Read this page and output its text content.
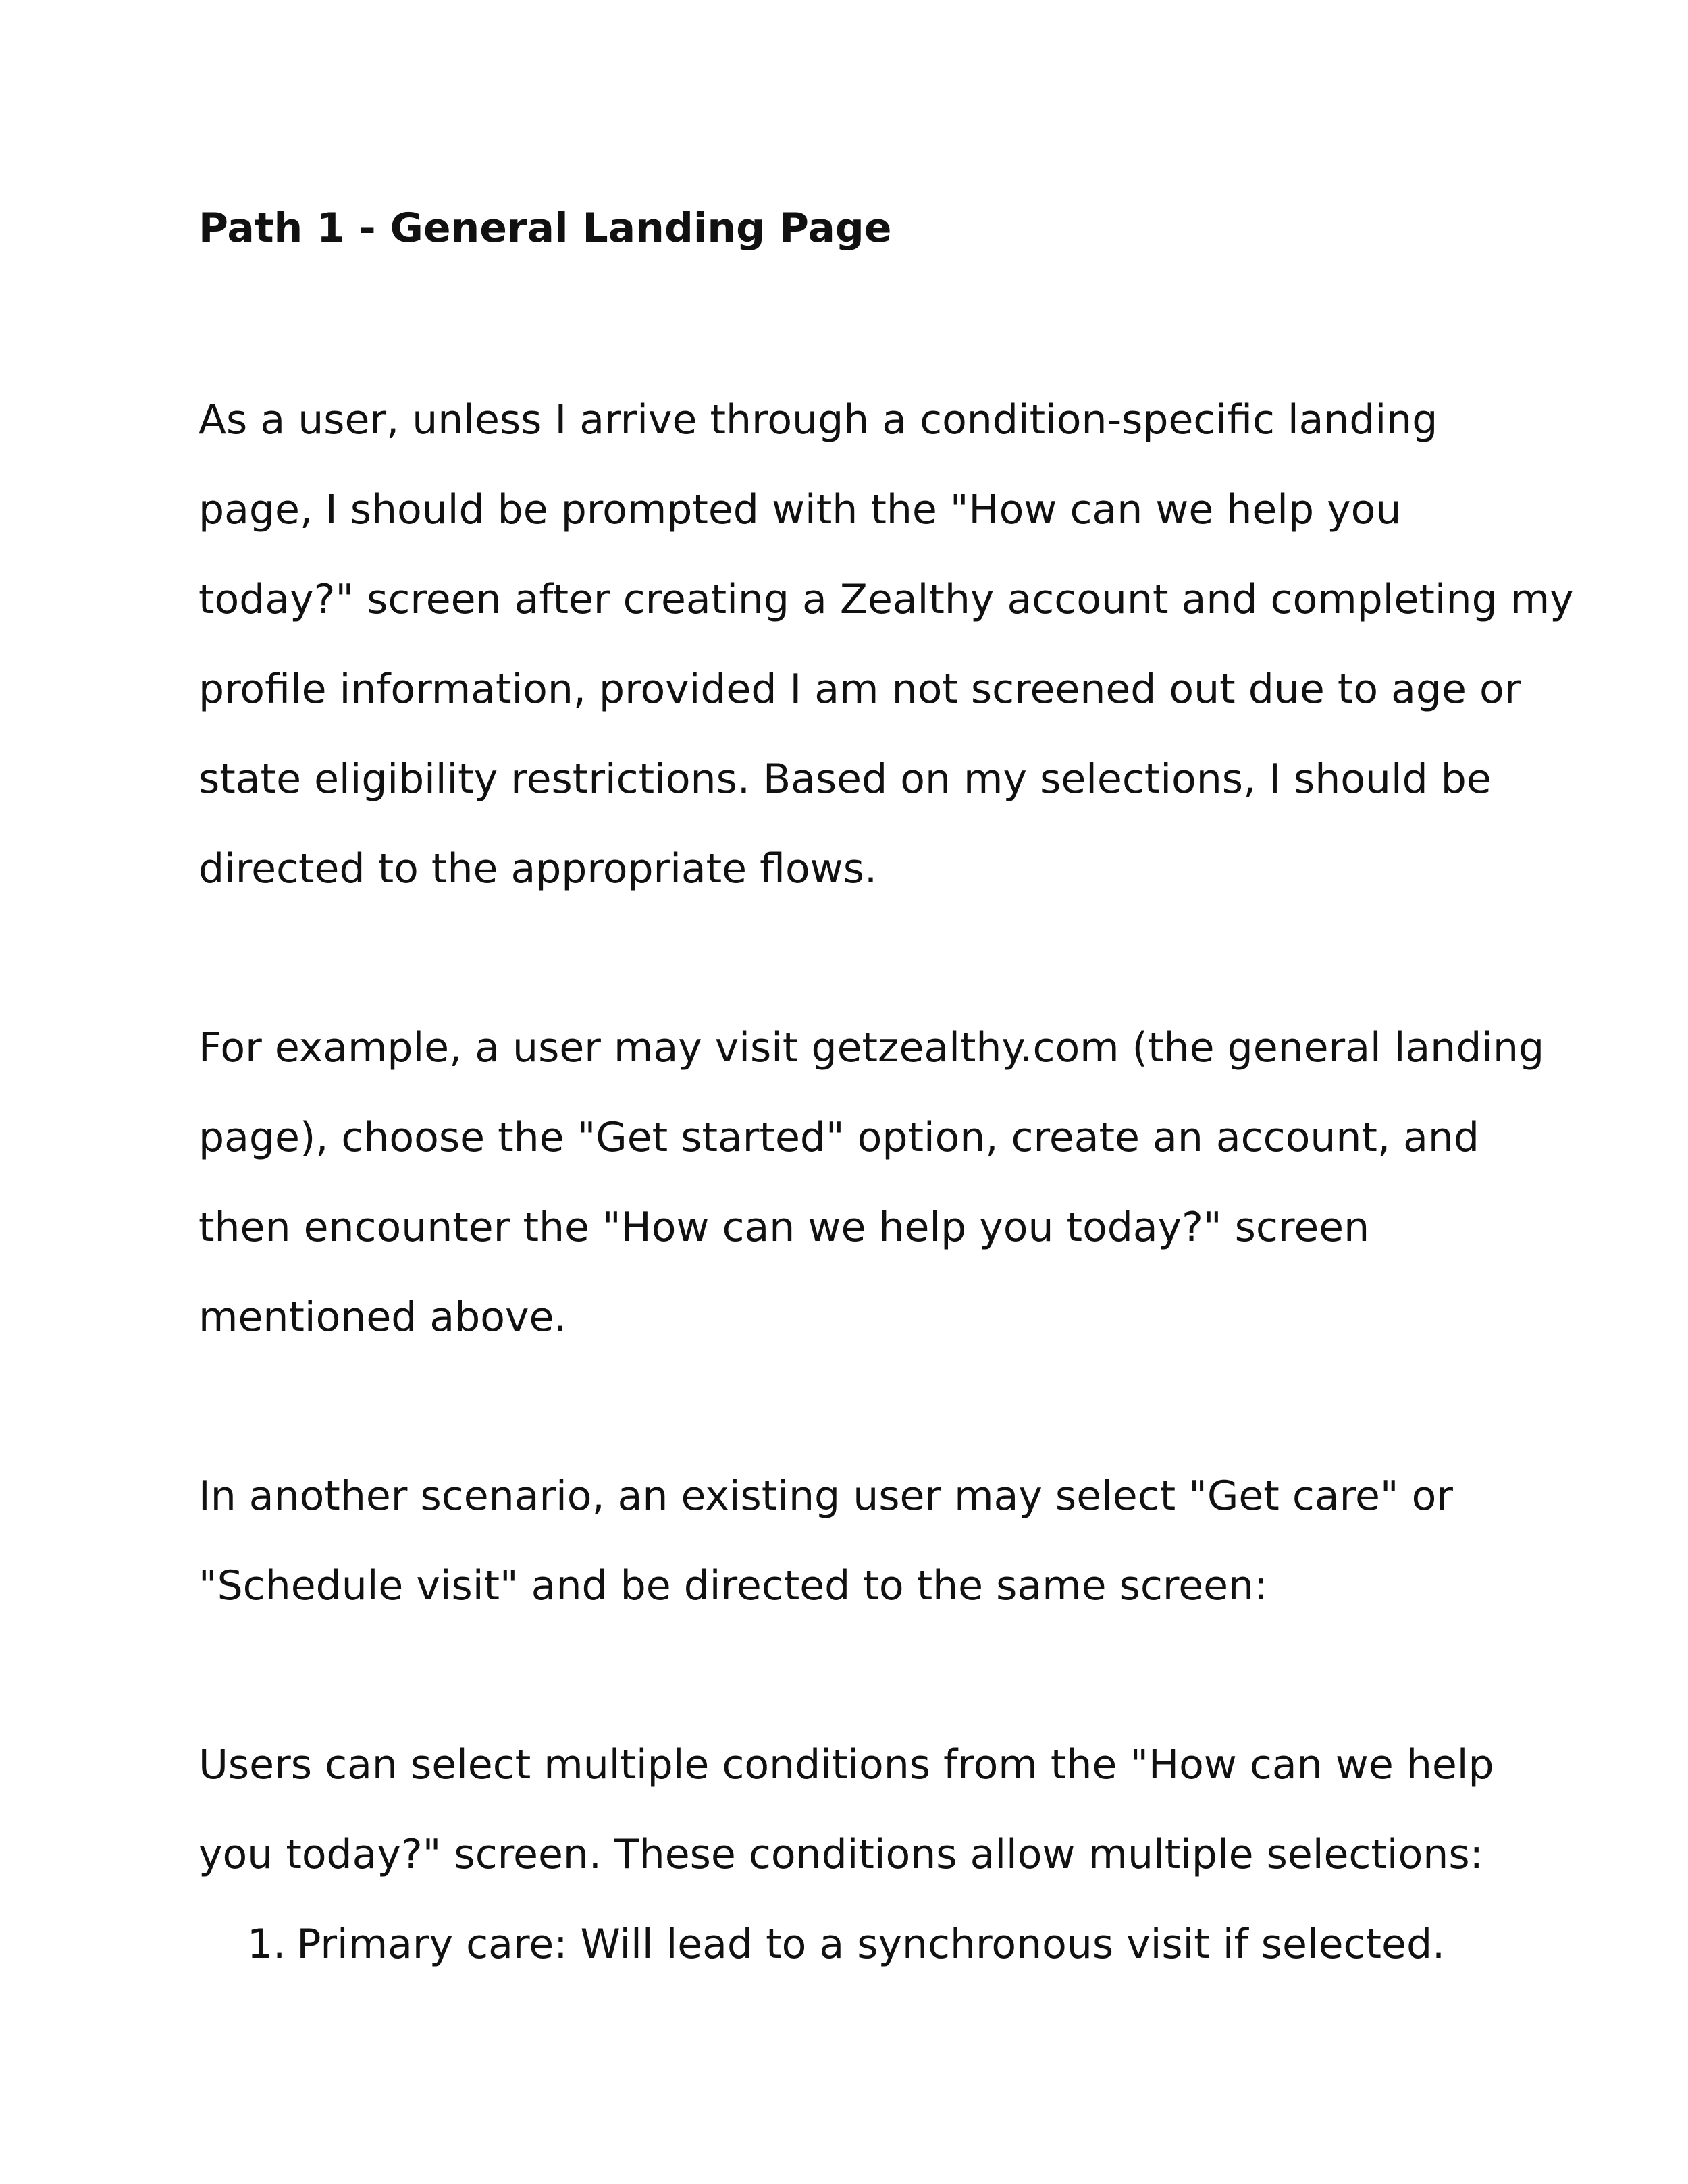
Path 1 - General Landing Page

As a user, unless I arrive through a condition-specific landing
page, I should be prompted with the "How can we help you
today?" screen after creating a Zealthy account and completing my
profile information, provided I am not screened out due to age or
state eligibility restrictions. Based on my selections, I should be
directed to the appropriate flows.

For example, a user may visit getzealthy.com (the general landing
page), choose the "Get started" option, create an account, and
then encounter the "How can we help you today?" screen
mentioned above.

In another scenario, an existing user may select "Get care" or
"Schedule visit" and be directed to the same screen:

Users can select multiple conditions from the "How can we help
you today?" screen. These conditions allow multiple selections:

1. Primary care: Will lead to a synchronous visit if selected.
